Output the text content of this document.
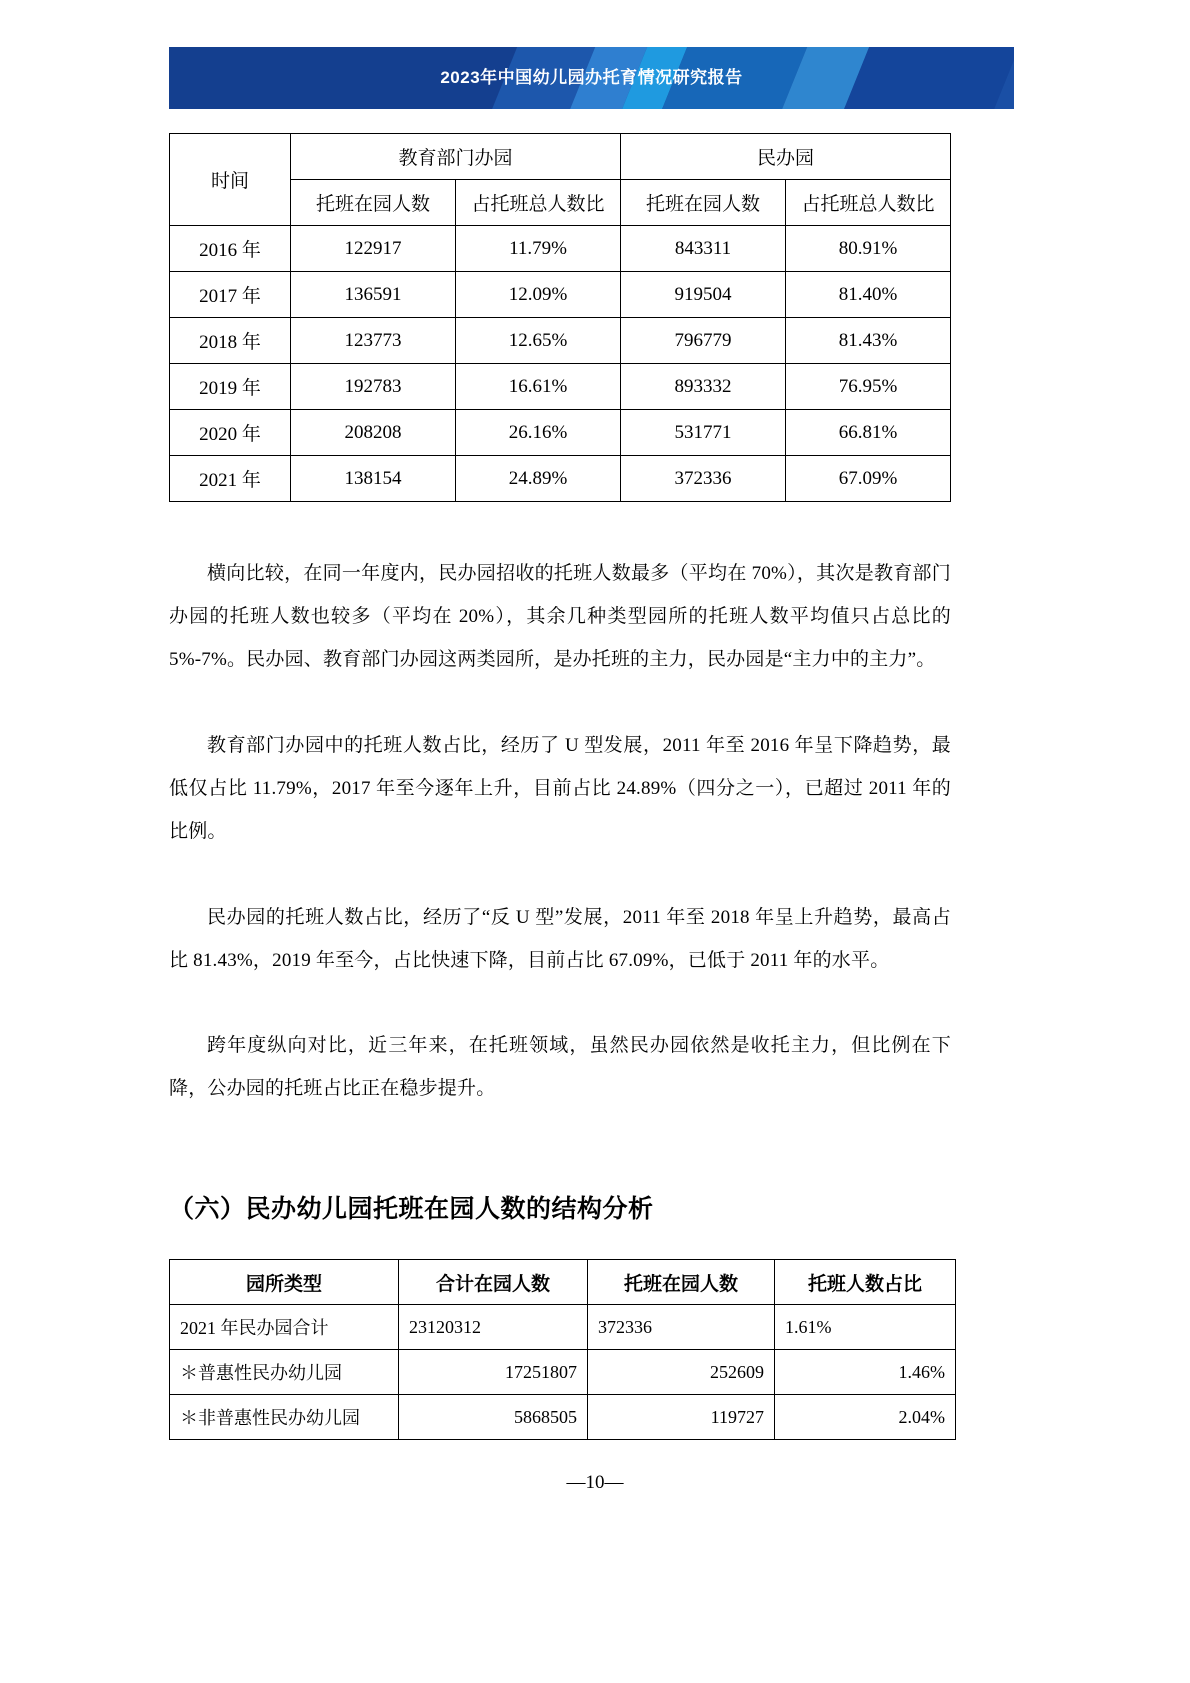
2023年中国幼儿园办托育情况研究报告
时间	教育部门办园		民办园	
	托班在园人数	占托班总人数比	托班在园人数	占托班总人数比
2016 年	122917	11.79%	843311	80.91%
2017 年	136591	12.09%	919504	81.40%
2018 年	123773	12.65%	796779	81.43%
2019 年	192783	16.61%	893332	76.95%
2020 年	208208	26.16%	531771	66.81%
2021 年	138154	24.89%	372336	67.09%

横向比较，在同一年度内，民办园招收的托班人数最多（平均在 70%），其次是教育部门办园的托班人数也较多（平均在 20%），其余几种类型园所的托班人数平均值只占总比的 5%-7%。民办园、教育部门办园这两类园所，是办托班的主力，民办园是“主力中的主力”。

教育部门办园中的托班人数占比，经历了 U 型发展，2011 年至 2016 年呈下降趋势，最低仅占比 11.79%，2017 年至今逐年上升，目前占比 24.89%（四分之一），已超过 2011 年的比例。

民办园的托班人数占比，经历了“反 U 型”发展，2011 年至 2018 年呈上升趋势，最高占比 81.43%，2019 年至今，占比快速下降，目前占比 67.09%，已低于 2011 年的水平。

跨年度纵向对比，近三年来，在托班领域，虽然民办园依然是收托主力，但比例在下降，公办园的托班占比正在稳步提升。

（六）民办幼儿园托班在园人数的结构分析
园所类型	合计在园人数	托班在园人数	托班人数占比
2021 年民办园合计	23120312	372336	1.61%
＊普惠性民办幼儿园	17251807	252609	1.46%
＊非普惠性民办幼儿园	5868505	119727	2.04%
—10—
